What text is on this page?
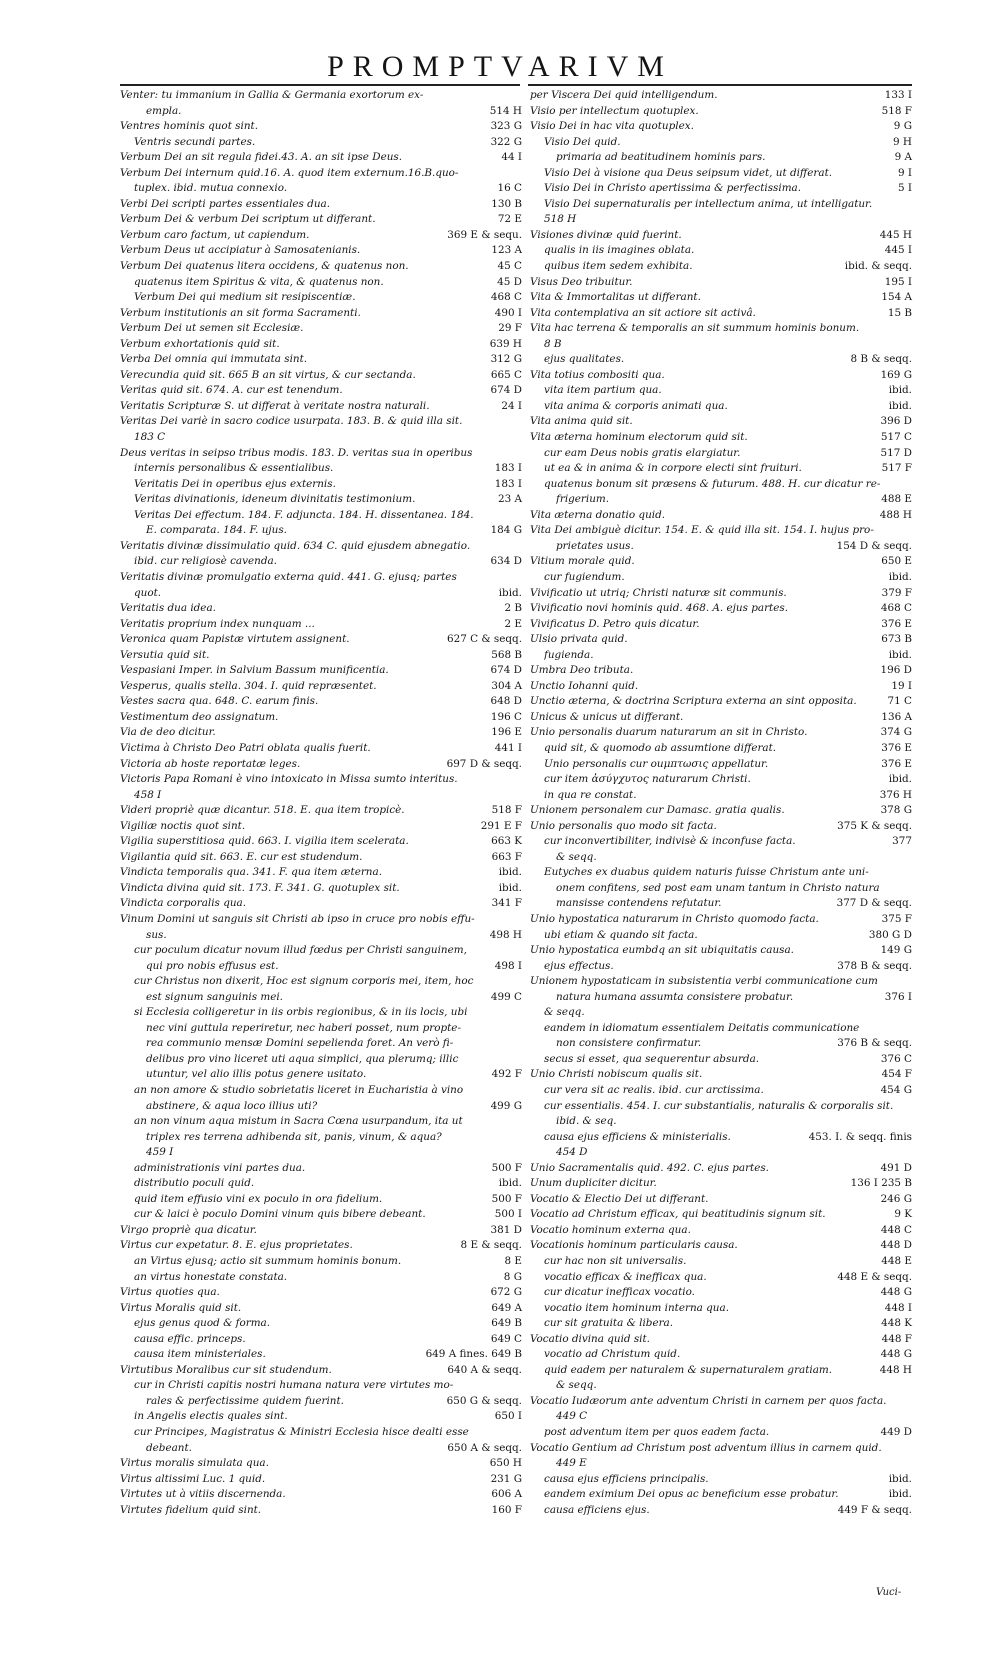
PROMPTVARIVM
Venter: tu immanium in Gallia & Germania exortorum ex-
empla.	514 H
Ventres hominis quot sint.	323 G
Ventris secundi partes.	322 G
Verbum Dei an sit regula fidei.43. A. an sit ipse Deus.	44 I
Verbum Dei internum quid.16. A. quod item externum.16.B.quo-
tuplex. ibid. mutua connexio.	16 C
Verbi Dei scripti partes essentiales dua.	130 B
Verbum Dei & verbum Dei scriptum ut differant.	72 E
Verbum caro factum, ut capiendum.	369 E & sequ.
Verbum Deus ut accipiatur à Samosatenianis.	123 A
Verbum Dei quatenus litera occidens, & quatenus non.	45 C
quatenus item Spiritus & vita, & quatenus non.	45 D
Verbum Dei qui medium sit resipiscentiæ.	468 C
Verbum institutionis an sit forma Sacramenti.	490 I
Verbum Dei ut semen sit Ecclesiæ.	29 F
Verbum exhortationis quid sit.	639 H
Verba Dei omnia qui immutata sint.	312 G
Verecundia quid sit. 665 B an sit virtus, & cur sectanda.	665 C
Veritas quid sit. 674. A. cur est tenendum.	674 D
Veritatis Scripturæ S. ut differat à veritate nostra naturali.	24 I
Veritas Dei variè in sacro codice usurpata. 183. B. & quid illa sit.
183 C
Deus veritas in seipso tribus modis. 183. D. veritas sua in operibus
internis personalibus & essentialibus.	183 I
Veritatis Dei in operibus ejus externis.	183 I
Veritas divinationis, ideneum divinitatis testimonium.	23 A
Veritas Dei effectum. 184. F. adjuncta. 184. H. dissentanea. 184.
E. comparata. 184. F. ujus.	184 G
Veritatis divinæ dissimulatio quid. 634 C. quid ejusdem abnegatio.
ibid. cur religiosè cavenda.	634 D
Veritatis divinæ promulgatio externa quid. 441. G. ejusq; partes
quot.	ibid.
Veritatis dua idea.	2 B
Veritatis proprium index nunquam ...	2 E
Veronica quam Papistæ virtutem assignent.	627 C & seqq.
Versutia quid sit.	568 B
Vespasiani Imper. in Salvium Bassum munificentia.	674 D
Vesperus, qualis stella. 304. I. quid repræsentet.	304 A
Vestes sacra qua. 648. C. earum finis.	648 D
Vestimentum deo assignatum.	196 C
Via de deo dicitur.	196 E
Victima à Christo Deo Patri oblata qualis fuerit.	441 I
Victoria ab hoste reportatæ leges.	697 D & seqq.
Victoris Papa Romani è vino intoxicato in Missa sumto interitus.
458 I
Videri propriè quæ dicantur. 518. E. qua item tropicè.	518 F
Vigiliæ noctis quot sint.	291 E F
Vigilia superstitiosa quid. 663. I. vigilia item scelerata.	663 K
Vigilantia quid sit. 663. E. cur est studendum.	663 F
Vindicta temporalis qua. 341. F. qua item æterna.	ibid.
Vindicta divina quid sit. 173. F. 341. G. quotuplex sit.	ibid.
Vindicta corporalis qua.	341 F
Vinum Domini ut sanguis sit Christi ab ipso in cruce pro nobis effu-
sus.	498 H
cur poculum dicatur novum illud fœdus per Christi sanguinem,
qui pro nobis effusus est.	498 I
cur Christus non dixerit, Hoc est signum corporis mei, item, hoc
est signum sanguinis mei.	499 C
si Ecclesia colligeretur in iis orbis regionibus, & in iis locis, ubi
nec vini guttula reperiretur, nec haberi posset, num propte-
rea communio mensæ Domini sepelienda foret. An verò fi-
delibus pro vino liceret uti aqua simplici, qua plerumq; illic
utuntur, vel alio illis potus genere usitato.	492 F
an non amore & studio sobrietatis liceret in Eucharistia à vino
abstinere, & aqua loco illius uti?	499 G
an non vinum aqua mistum in Sacra Cœna usurpandum, ita ut
triplex res terrena adhibenda sit, panis, vinum, & aqua?
459 I
administrationis vini partes dua.	500 F
distributio poculi quid.	ibid.
quid item effusio vini ex poculo in ora fidelium.	500 F
cur & laici è poculo Domini vinum quis bibere debeant.	500 I
Virgo propriè qua dicatur.	381 D
Virtus cur expetatur. 8. E. ejus proprietates.	8 E & seqq.
an Virtus ejusq; actio sit summum hominis bonum.	8 E
an virtus honestate constata.	8 G
Virtus quoties qua.	672 G
Virtus Moralis quid sit.	649 A
ejus genus quod & forma.	649 B
causa effic. princeps.	649 C
causa item ministeriales.	649 A fines. 649 B
Virtutibus Moralibus cur sit studendum.	640 A & seqq.
cur in Christi capitis nostri humana natura vere virtutes mo-
rales & perfectissime quidem fuerint.	650 G & seqq.
in Angelis electis quales sint.	650 I
cur Principes, Magistratus & Ministri Ecclesia hisce dealti esse
debeant.	650 A & seqq.
Virtus moralis simulata qua.	650 H
Virtus altissimi Luc. 1 quid.	231 G
Virtutes ut à vitiis discernenda.	606 A
Virtutes fidelium quid sint.	160 F
per Viscera Dei quid intelligendum.	133 I
Visio per intellectum quotuplex.	518 F
Visio Dei in hac vita quotuplex.	9 G
Visio Dei quid.	9 H
primaria ad beatitudinem hominis pars.	9 A
Visio Dei à visione qua Deus seipsum videt, ut differat.	9 I
Visio Dei in Christo apertissima & perfectissima.	5 I
Visio Dei supernaturalis per intellectum anima, ut intelligatur.
518 H
Visiones divinæ quid fuerint.	445 H
qualis in iis imagines oblata.	445 I
quibus item sedem exhibita.	ibid. & seqq.
Visus Deo tribuitur.	195 I
Vita & Immortalitas ut differant.	154 A
Vita contemplativa an sit actiore sit activâ.	15 B
Vita hac terrena & temporalis an sit summum hominis bonum.
8 B
ejus qualitates.	8 B & seqq.
Vita totius combositi qua.	169 G
vita item partium qua.	ibid.
vita anima & corporis animati qua.	ibid.
Vita anima quid sit.	396 D
Vita æterna hominum electorum quid sit.	517 C
cur eam Deus nobis gratis elargiatur.	517 D
ut ea & in anima & in corpore electi sint fruituri.	517 F
quatenus bonum sit præsens & futurum. 488. H. cur dicatur re-
frigerium.	488 E
Vita æterna donatio quid.	488 H
Vita Dei ambiguè dicitur. 154. E. & quid illa sit. 154. I. hujus pro-
prietates usus.	154 D & seqq.
Vitium morale quid.	650 E
cur fugiendum.	ibid.
Vivificatio ut utriq; Christi naturæ sit communis.	379 F
Vivificatio novi hominis quid. 468. A. ejus partes.	468 C
Vivificatus D. Petro quis dicatur.	376 E
Ulsio privata quid.	673 B
fugienda.	ibid.
Umbra Deo tributa.	196 D
Unctio Iohanni quid.	19 I
Unctio æterna, & doctrina Scriptura externa an sint opposita.	71 C
Unicus & unicus ut differant.	136 A
Unio personalis duarum naturarum an sit in Christo.	374 G
quid sit, & quomodo ab assumtione differat.	376 E
Unio personalis cur ouμπτωσις appellatur.	376 E
cur item ἀσύγχυτος naturarum Christi.	ibid.
in qua re constat.	376 H
Unionem personalem cur Damasc. gratia qualis.	378 G
Unio personalis quo modo sit facta.	375 K & seqq.
cur inconvertibiliter, indivisè & inconfuse facta.	377
& seqq.
Eutyches ex duabus quidem naturis fuisse Christum ante uni-
onem confitens, sed post eam unam tantum in Christo natura
mansisse contendens refutatur.	377 D & seqq.
Unio hypostatica naturarum in Christo quomodo facta.	375 F
ubi etiam & quando sit facta.	380 G D
Unio hypostatica eumbdq an sit ubiquitatis causa.	149 G
ejus effectus.	378 B & seqq.
Unionem hypostaticam in subsistentia verbi communicatione cum
natura humana assumta consistere probatur.	376 I
& seqq.
eandem in idiomatum essentialem Deitatis communicatione
non consistere confirmatur.	376 B & seqq.
secus si esset, qua sequerentur absurda.	376 C
Unio Christi nobiscum qualis sit.	454 F
cur vera sit ac realis. ibid. cur arctissima.	454 G
cur essentialis. 454. I. cur substantialis, naturalis & corporalis sit.
ibid. & seq.
causa ejus efficiens & ministerialis.	453. I. & seqq. finis
454 D
Unio Sacramentalis quid. 492. C. ejus partes.	491 D
Unum dupliciter dicitur.	136 I 235 B
Vocatio & Electio Dei ut differant.	246 G
Vocatio ad Christum efficax, qui beatitudinis signum sit.	9 K
Vocatio hominum externa qua.	448 C
Vocationis hominum particularis causa.	448 D
cur hac non sit universalis.	448 E
vocatio efficax & inefficax qua.	448 E & seqq.
cur dicatur inefficax vocatio.	448 G
vocatio item hominum interna qua.	448 I
cur sit gratuita & libera.	448 K
Vocatio divina quid sit.	448 F
vocatio ad Christum quid.	448 G
quid eadem per naturalem & supernaturalem gratiam.	448 H
& seqq.
Vocatio Iudæorum ante adventum Christi in carnem per quos facta.
449 C
post adventum item per quos eadem facta.	449 D
Vocatio Gentium ad Christum post adventum illius in carnem quid.
449 E
causa ejus efficiens principalis.	ibid.
eandem eximium Dei opus ac beneficium esse probatur.	ibid.
causa efficiens ejus.	449 F & seqq.
Vuci-
